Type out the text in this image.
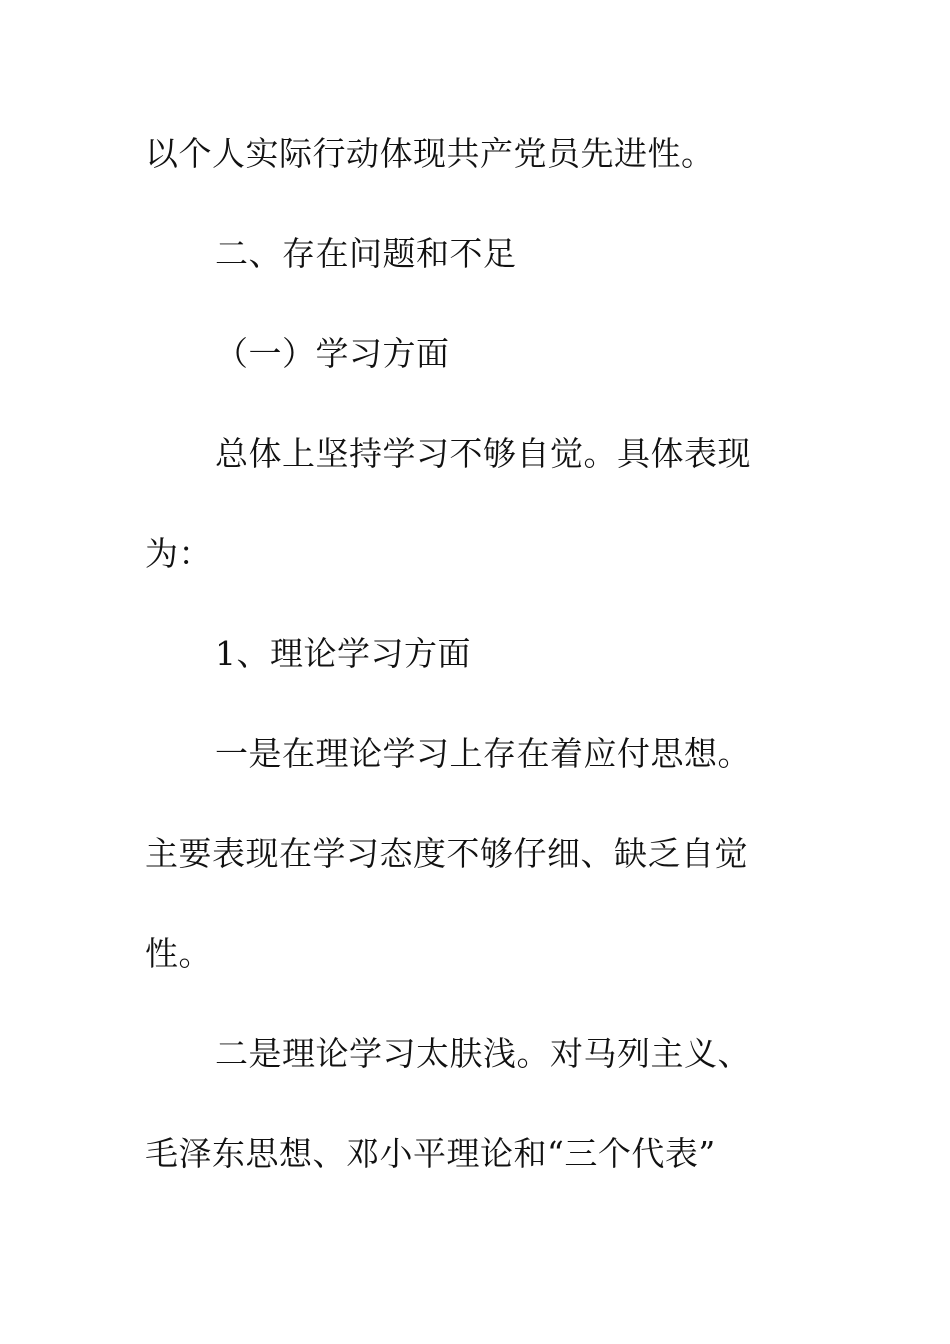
以个人实际行动体现共产党员先进性。
二、存在问题和不足
（一）学习方面
总体上坚持学习不够自觉。具体表现
为：
1、理论学习方面
一是在理论学习上存在着应付思想。
主要表现在学习态度不够仔细、缺乏自觉
性。
二是理论学习太肤浅。对马列主义、
毛泽东思想、邓小平理论和“三个代表”
